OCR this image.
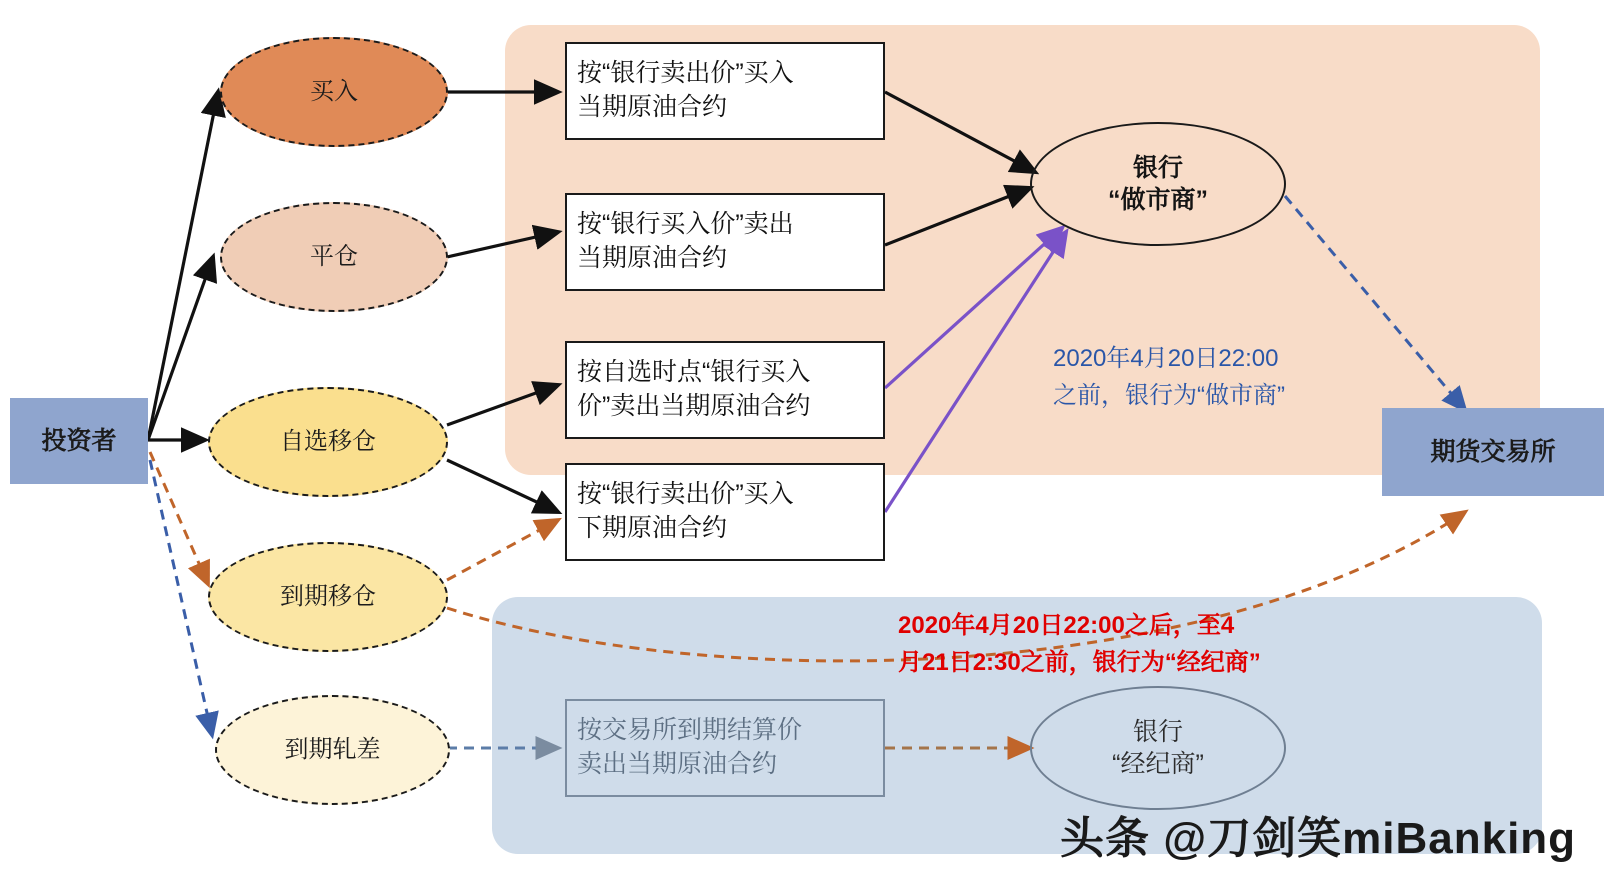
投资者	期货交易所
买入
平仓
自选移仓
到期移仓
到期轧差
按“银行卖出价”买入
当期原油合约
按“银行买入价”卖出
当期原油合约
按自选时点“银行买入
价”卖出当期原油合约
按“银行卖出价”买入
下期原油合约
按交易所到期结算价
卖出当期原油合约
银行
“做市商”
银行
“经纪商”
2020年4月20日22:00
之前，银行为“做市商”
2020年4月20日22:00之后，至4
月21日2:30之前，银行为“经纪商”
头条 @刀剑笑miBanking
